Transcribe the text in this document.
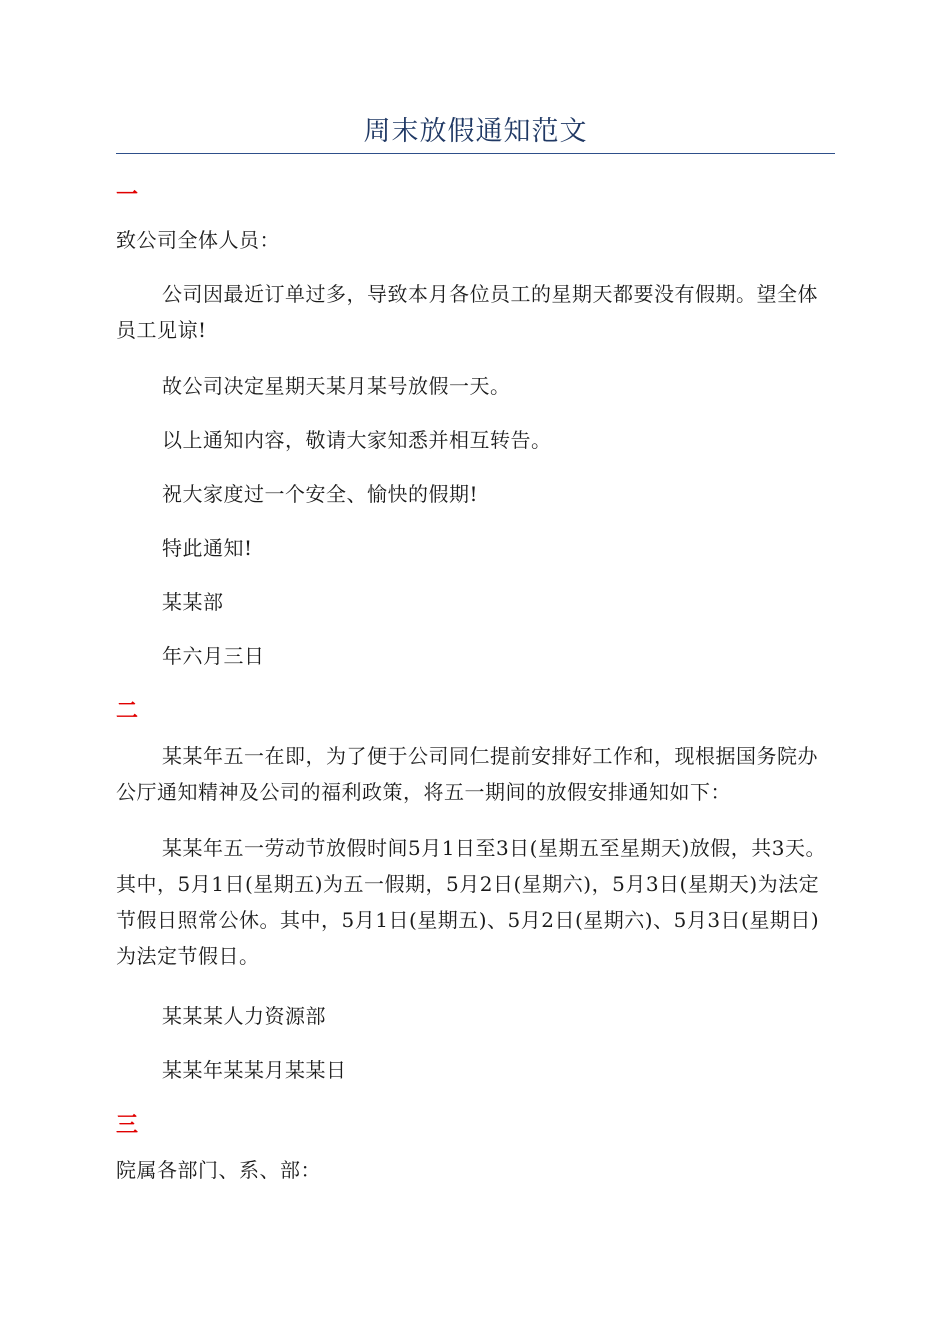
周末放假通知范文
一

致公司全体人员：

公司因最近订单过多，导致本月各位员工的星期天都要没有假期。望全体员工见谅!

故公司决定星期天某月某号放假一天。

以上通知内容，敬请大家知悉并相互转告。

祝大家度过一个安全、愉快的假期!

特此通知!

某某部

年六月三日

二

某某年五一在即，为了便于公司同仁提前安排好工作和，现根据国务院办公厅通知精神及公司的福利政策，将五一期间的放假安排通知如下：

某某年五一劳动节放假时间5月1日至3日(星期五至星期天)放假，共3天。其中，5月1日(星期五)为五一假期，5月2日(星期六)，5月3日(星期天)为法定节假日照常公休。其中，5月1日(星期五)、5月2日(星期六)、5月3日(星期日)为法定节假日。

某某某人力资源部

某某年某某月某某日

三

院属各部门、系、部：
